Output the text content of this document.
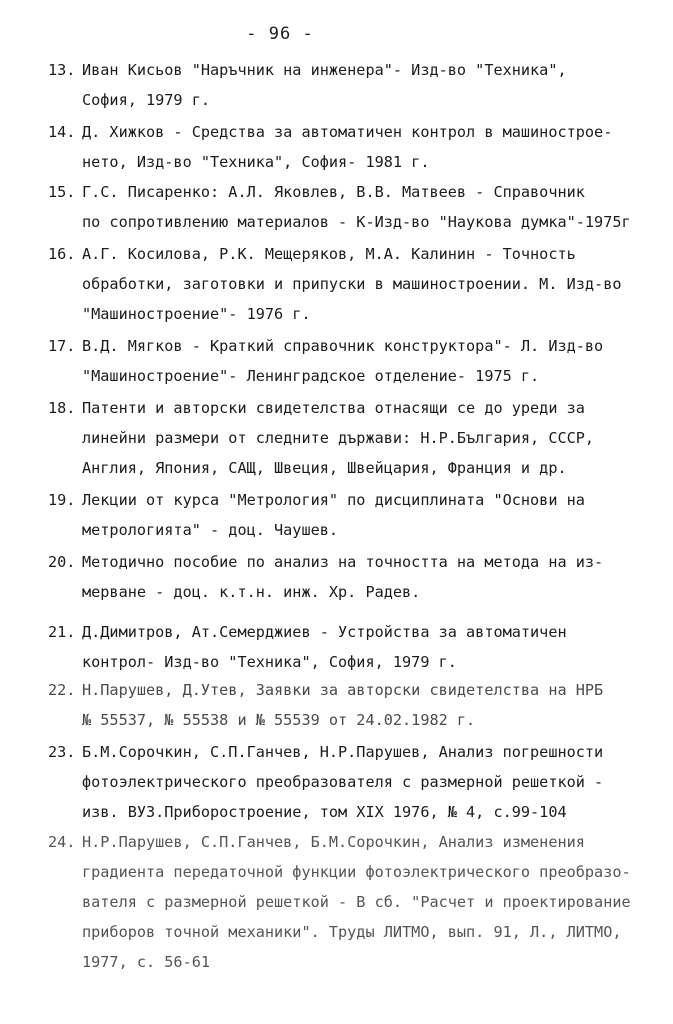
- 96 -
13. Иван Кисьов "Наръчник на инженера"- Изд-во "Техника",
София, 1979 г.
14. Д. Хижков - Средства за автоматичен контрол в машинострое-
нето, Изд-во "Техника", София- 1981 г.
15. Г.С. Писаренко: А.Л. Яковлев, В.В. Матвеев - Справочник
по сопротивлению материалов - К-Изд-во "Наукова думка"-1975г
16. А.Г. Косилова, Р.К. Мещеряков, М.А. Калинин - Точность
обработки, заготовки и припуски в машиностроении. М. Изд-во
"Машиностроение"- 1976 г.
17. В.Д. Мягков - Краткий справочник конструктора"- Л. Изд-во
"Машиностроение"- Ленинградское отделение- 1975 г.
18. Патенти и авторски свидетелства отнасящи се до уреди за
линейни размери от следните държави: Н.Р.България, СССР,
Англия, Япония, САЩ, Швеция, Швейцария, Франция и др.
19. Лекции от курса "Метрология" по дисциплината "Основи на
метрологията" - доц. Чаушев.
20. Методично пособие по анализ на точността на метода на из-
мерване - доц. к.т.н. инж. Хр. Радев.
21. Д.Димитров, Ат.Семерджиев - Устройства за автоматичен
контрол- Изд-во "Техника", София, 1979 г.
22. Н.Парушев, Д.Утев, Заявки за авторски свидетелства на НРБ
№ 55537, № 55538 и № 55539 от 24.02.1982 г.
23. Б.М.Сорочкин, С.П.Ганчев, Н.Р.Парушев, Анализ погрешности
фотоэлектрического преобразователя с размерной решеткой -
изв. ВУЗ.Приборостроение, том XIX 1976, № 4, с.99-104
24. Н.Р.Парушев, С.П.Ганчев, Б.М.Сорочкин, Анализ изменения
градиента передаточной функции фотоэлектрического преобразо-
вателя с размерной решеткой - В сб. "Расчет и проектирование
приборов точной механики". Труды ЛИТМО, вып. 91, Л., ЛИТМО,
1977, с. 56-61
